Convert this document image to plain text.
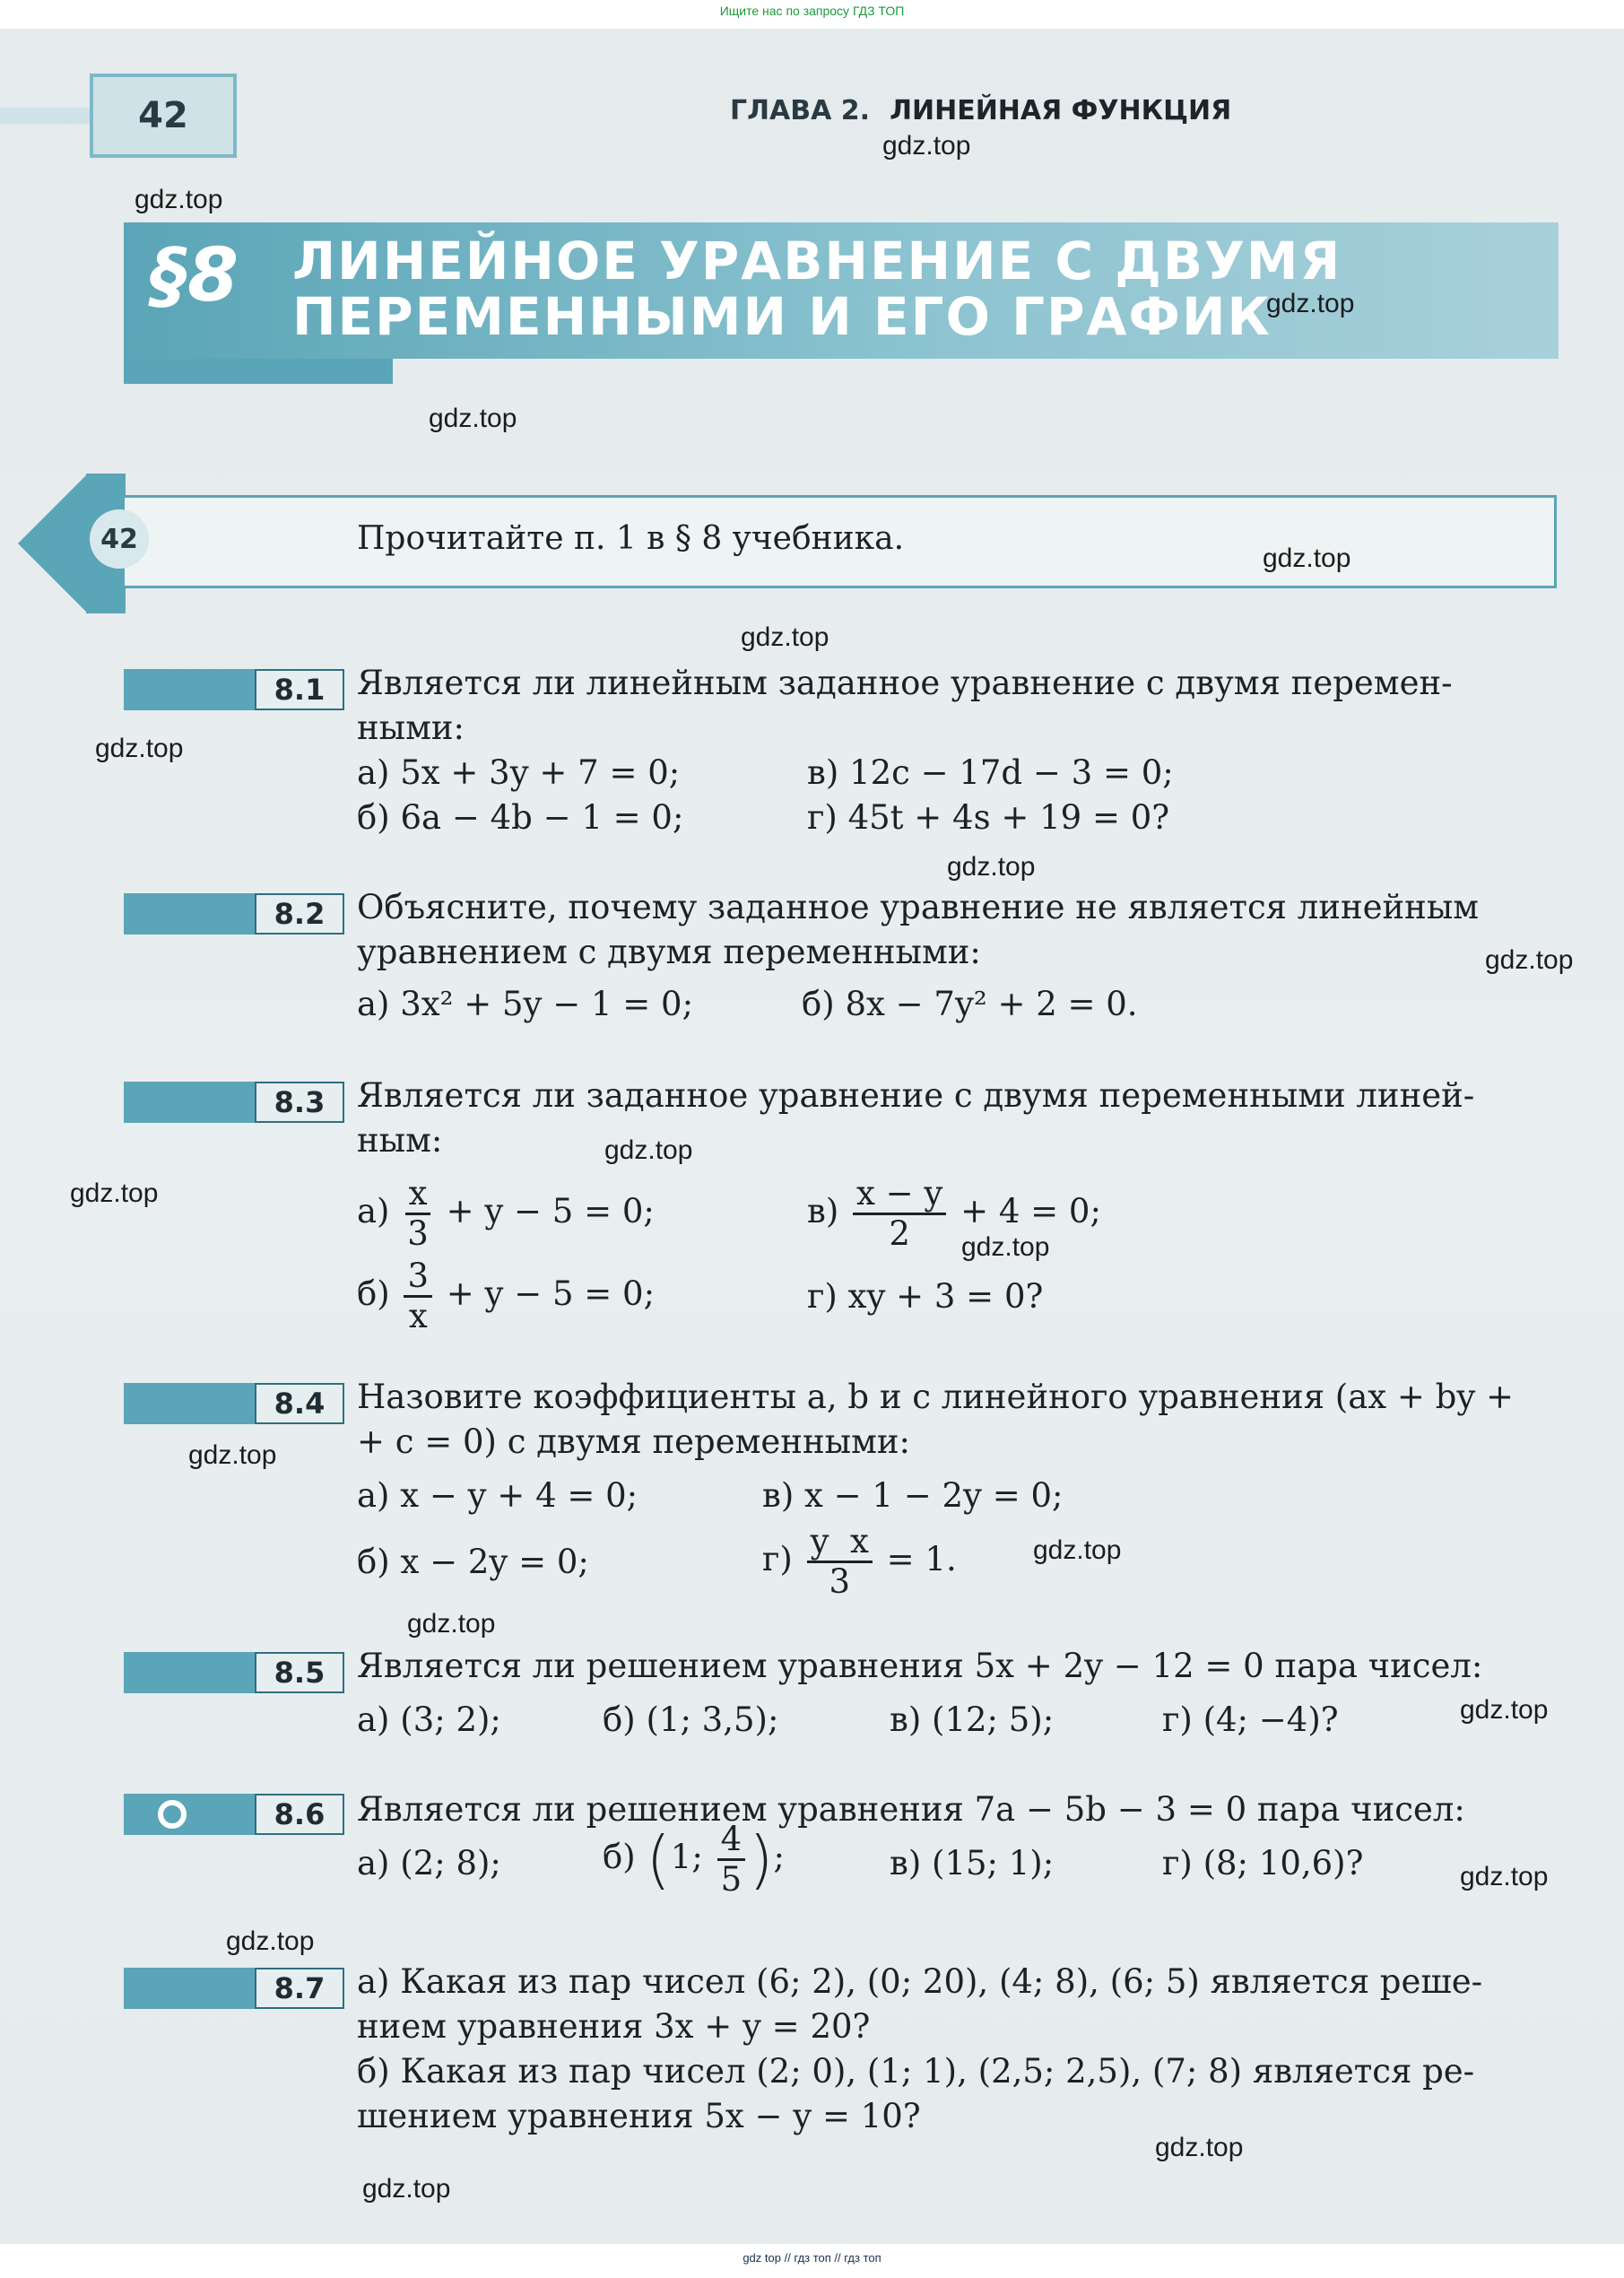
Ищите нас по запросу ГДЗ ТОП
42	ГЛАВА 2. ЛИНЕЙНАЯ ФУНКЦИЯ
§8 ЛИНЕЙНОЕ УРАВНЕНИЕ С ДВУМЯ
ПЕРЕМЕННЫМИ И ЕГО ГРАФИК
42	Прочитайте п. 1 в § 8 учебника.
8.1 Является ли линейным заданное уравнение с двумя перемен-
ными:
а) 5x + 3y + 7 = 0;	в) 12c − 17d − 3 = 0;
б) 6a − 4b − 1 = 0;	г) 45t + 4s + 19 = 0?
8.2 Объясните, почему заданное уравнение не является линейным
уравнением с двумя переменными:
а) 3x² + 5y − 1 = 0;	б) 8x − 7y² + 2 = 0.
8.3 Является ли заданное уравнение с двумя переменными линей-
ным:
$а) \frac{x}{3} + y - 5 = 0$;	$в) \frac{x - y}{2} + 4 = 0$;
$б) \frac{3}{x} + y - 5 = 0$;	г) xy + 3 = 0?
8.4 Назовите коэффициенты a, b и c линейного уравнения (ax + by +
+ c = 0) с двумя переменными:
а) x − y + 4 = 0;	в) x − 1 − 2y = 0;
б) x − 2y = 0;	$г) \frac{\text{y x}}{3} = 1$.
8.5 Является ли решением уравнения 5x + 2y − 12 = 0 пара чисел:
а) (3; 2);	б) (1; 3,5);	в) (12; 5);	г) (4; −4)?
8.6 Является ли решением уравнения 7a − 5b − 3 = 0 пара чисел:
а) (2; 8);	б) (1; $\frac{4}{5}$ );	в) (15; 1);	г) (8; 10,6)?
8.7 а) Какая из пар чисел (6; 2), (0; 20), (4; 8), (6; 5) является реше-
нием уравнения 3x + y = 20?
б) Какая из пар чисел (2; 0), (1; 1), (2,5; 2,5), (7; 8) является ре-
шением уравнения 5x − y = 10?
gdz.top
gdz.top
gdz.top
gdz.top
gdz.top
gdz.top
gdz.top
gdz.top
gdz.top
gdz.top
gdz.top
gdz.top
gdz.top
gdz.top
gdz.top
gdz.top
gdz.top
gdz.top
gdz.top
gdz.top
gdz top // гдз топ // гдз топ
